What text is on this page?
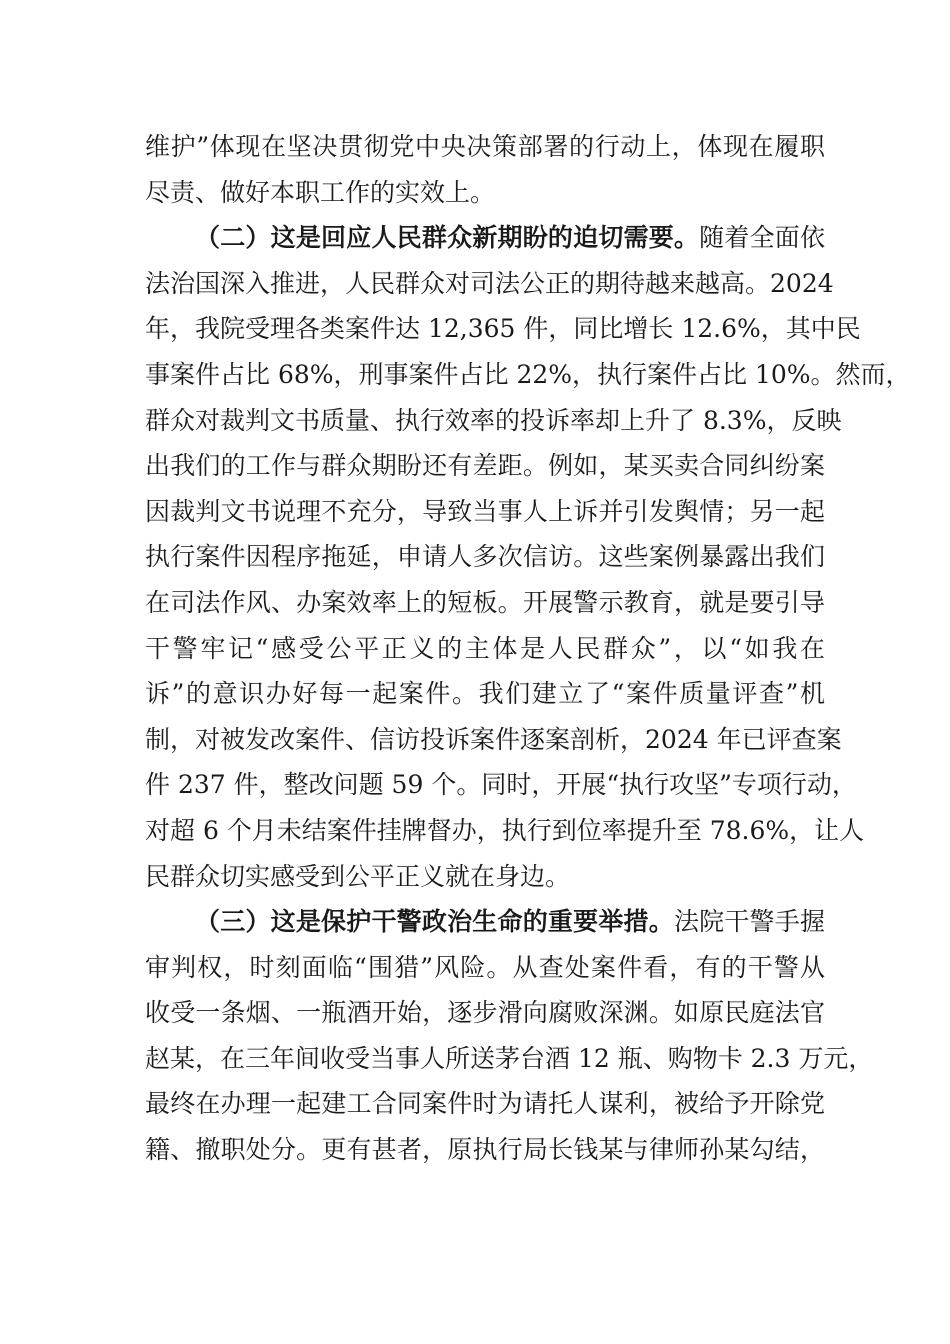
维护”体现在坚决贯彻党中央决策部署的行动上，体现在履职
尽责、做好本职工作的实效上。
（二）这是回应人民群众新期盼的迫切需要。随着全面依
法治国深入推进，人民群众对司法公正的期待越来越高。2024
年，我院受理各类案件达 12,365 件，同比增长 12.6%，其中民
事案件占比 68%，刑事案件占比 22%，执行案件占比 10%。然而，
群众对裁判文书质量、执行效率的投诉率却上升了 8.3%，反映
出我们的工作与群众期盼还有差距。例如，某买卖合同纠纷案
因裁判文书说理不充分，导致当事人上诉并引发舆情；另一起
执行案件因程序拖延，申请人多次信访。这些案例暴露出我们
在司法作风、办案效率上的短板。开展警示教育，就是要引导
干警牢记“感受公平正义的主体是人民群众”，以“如我在
诉”的意识办好每一起案件。我们建立了“案件质量评查”机
制，对被发改案件、信访投诉案件逐案剖析，2024 年已评查案
件 237 件，整改问题 59 个。同时，开展“执行攻坚”专项行动，
对超 6 个月未结案件挂牌督办，执行到位率提升至 78.6%，让人
民群众切实感受到公平正义就在身边。
（三）这是保护干警政治生命的重要举措。法院干警手握
审判权，时刻面临“围猎”风险。从查处案件看，有的干警从
收受一条烟、一瓶酒开始，逐步滑向腐败深渊。如原民庭法官
赵某，在三年间收受当事人所送茅台酒 12 瓶、购物卡 2.3 万元，
最终在办理一起建工合同案件时为请托人谋利，被给予开除党
籍、撤职处分。更有甚者，原执行局长钱某与律师孙某勾结，
